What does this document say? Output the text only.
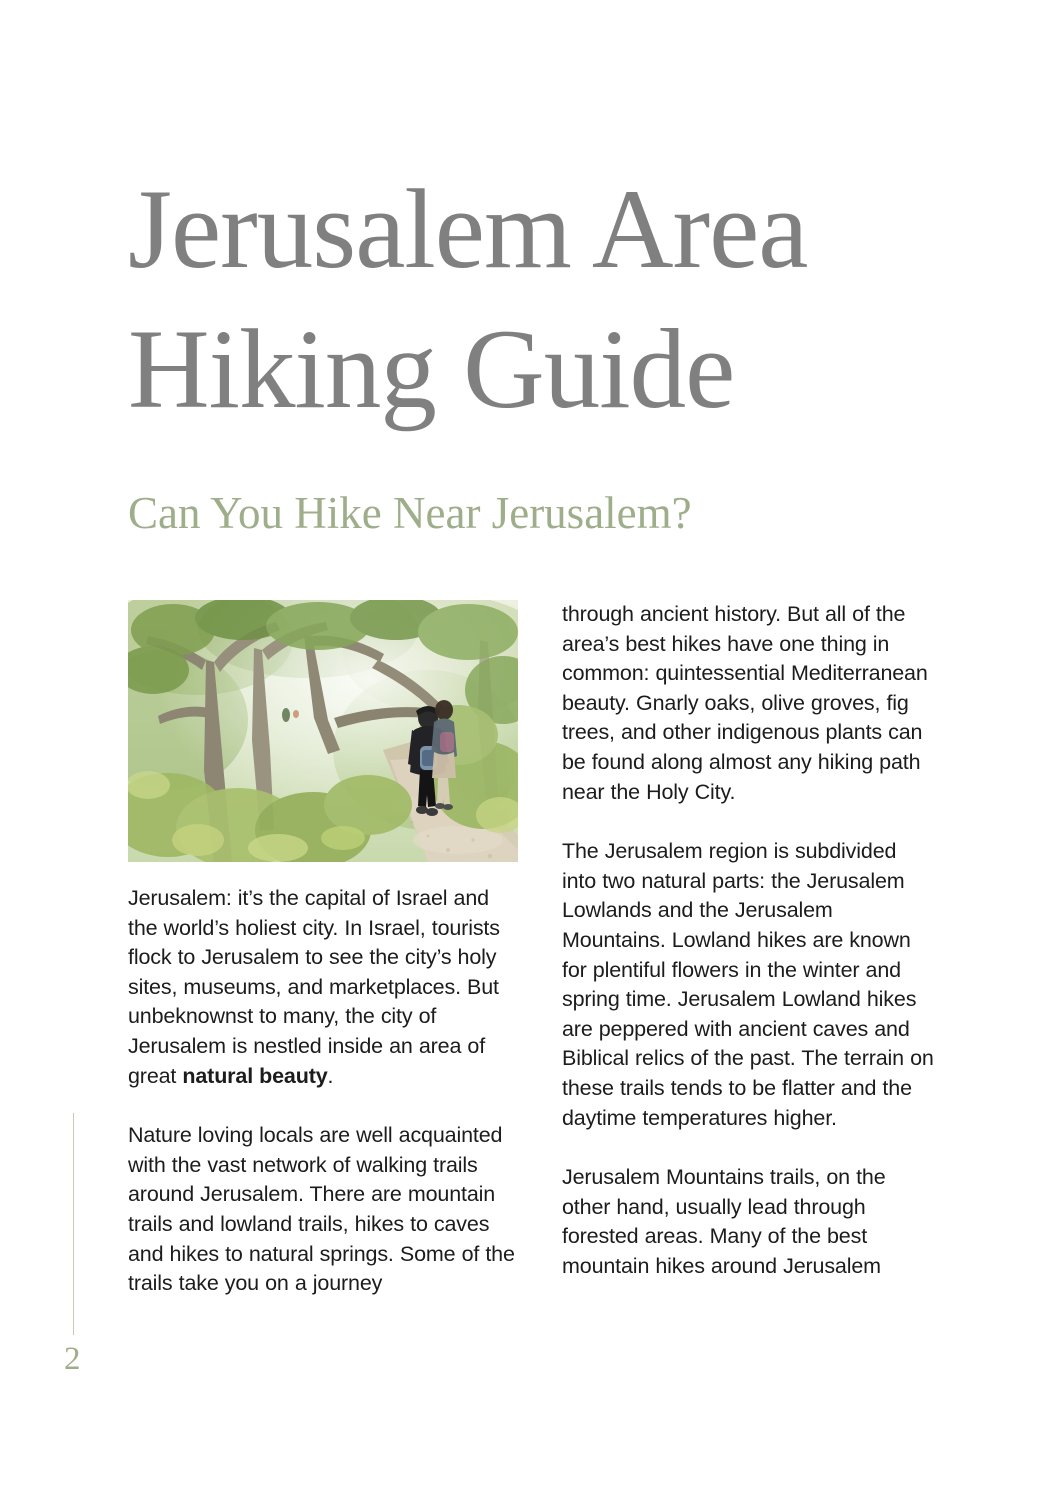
Jerusalem Area
Hiking Guide
Can You Hike Near Jerusalem?

Jerusalem: it’s the capital of Israel and the world’s holiest city. In Israel, tourists flock to Jerusalem to see the city’s holy sites, museums, and marketplaces. But unbeknownst to many, the city of Jerusalem is nestled inside an area of great natural beauty.

Nature loving locals are well acquainted with the vast network of walking trails around Jerusalem. There are mountain trails and lowland trails, hikes to caves and hikes to natural springs. Some of the trails take you on a journey

through ancient history. But all of the area’s best hikes have one thing in common: quintessential Mediterranean beauty. Gnarly oaks, olive groves, fig trees, and other indigenous plants can be found along almost any hiking path near the Holy City.

The Jerusalem region is subdivided into two natural parts: the Jerusalem Lowlands and the Jerusalem Mountains. Lowland hikes are known for plentiful flowers in the winter and spring time. Jerusalem Lowland hikes are peppered with ancient caves and Biblical relics of the past. The terrain on these trails tends to be flatter and the daytime temperatures higher.

Jerusalem Mountains trails, on the other hand, usually lead through forested areas. Many of the best mountain hikes around Jerusalem

2
